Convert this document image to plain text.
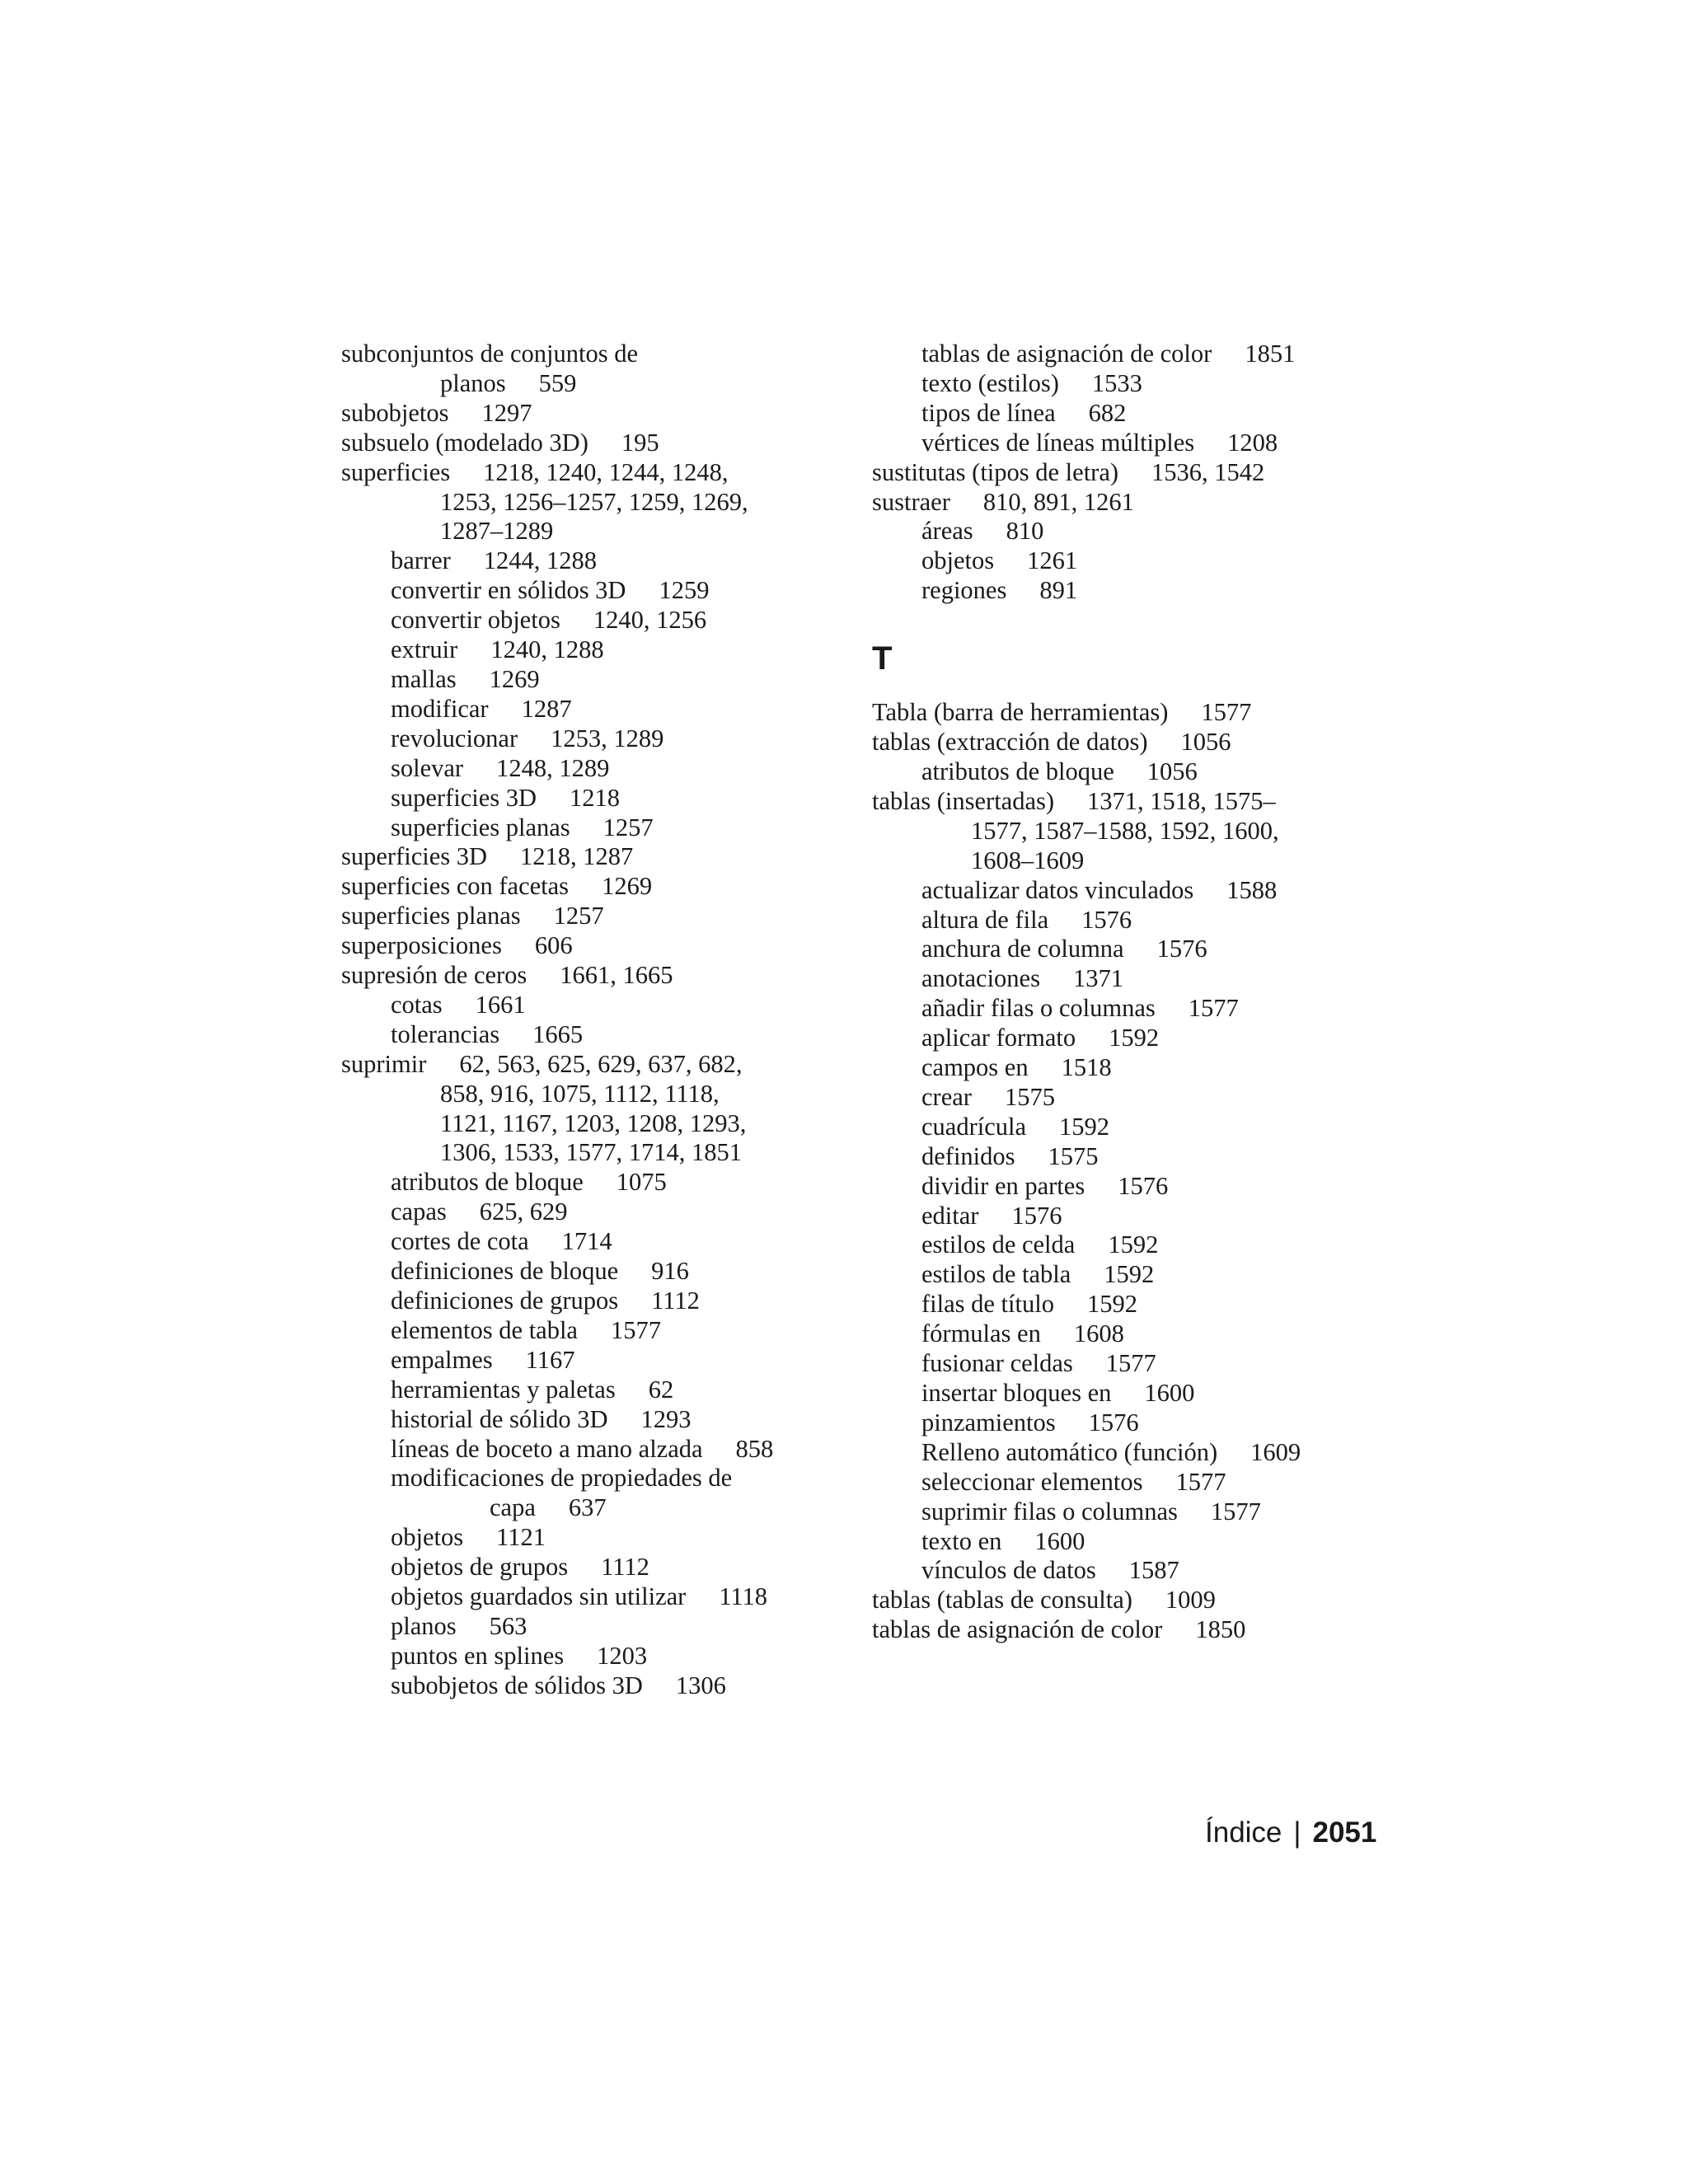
subconjuntos de conjuntos de
planos 559
subobjetos 1297
subsuelo (modelado 3D) 195
superficies 1218, 1240, 1244, 1248,
1253, 1256–1257, 1259, 1269,
1287–1289
barrer 1244, 1288
convertir en sólidos 3D 1259
convertir objetos 1240, 1256
extruir 1240, 1288
mallas 1269
modificar 1287
revolucionar 1253, 1289
solevar 1248, 1289
superficies 3D 1218
superficies planas 1257
superficies 3D 1218, 1287
superficies con facetas 1269
superficies planas 1257
superposiciones 606
supresión de ceros 1661, 1665
cotas 1661
tolerancias 1665
suprimir 62, 563, 625, 629, 637, 682,
858, 916, 1075, 1112, 1118,
1121, 1167, 1203, 1208, 1293,
1306, 1533, 1577, 1714, 1851
atributos de bloque 1075
capas 625, 629
cortes de cota 1714
definiciones de bloque 916
definiciones de grupos 1112
elementos de tabla 1577
empalmes 1167
herramientas y paletas 62
historial de sólido 3D 1293
líneas de boceto a mano alzada 858
modificaciones de propiedades de
capa 637
objetos 1121
objetos de grupos 1112
objetos guardados sin utilizar 1118
planos 563
puntos en splines 1203
subobjetos de sólidos 3D 1306
tablas de asignación de color 1851
texto (estilos) 1533
tipos de línea 682
vértices de líneas múltiples 1208
sustitutas (tipos de letra) 1536, 1542
sustraer 810, 891, 1261
áreas 810
objetos 1261
regiones 891
T
Tabla (barra de herramientas) 1577
tablas (extracción de datos) 1056
atributos de bloque 1056
tablas (insertadas) 1371, 1518, 1575–
1577, 1587–1588, 1592, 1600,
1608–1609
actualizar datos vinculados 1588
altura de fila 1576
anchura de columna 1576
anotaciones 1371
añadir filas o columnas 1577
aplicar formato 1592
campos en 1518
crear 1575
cuadrícula 1592
definidos 1575
dividir en partes 1576
editar 1576
estilos de celda 1592
estilos de tabla 1592
filas de título 1592
fórmulas en 1608
fusionar celdas 1577
insertar bloques en 1600
pinzamientos 1576
Relleno automático (función) 1609
seleccionar elementos 1577
suprimir filas o columnas 1577
texto en 1600
vínculos de datos 1587
tablas (tablas de consulta) 1009
tablas de asignación de color 1850
Índice | 2051
